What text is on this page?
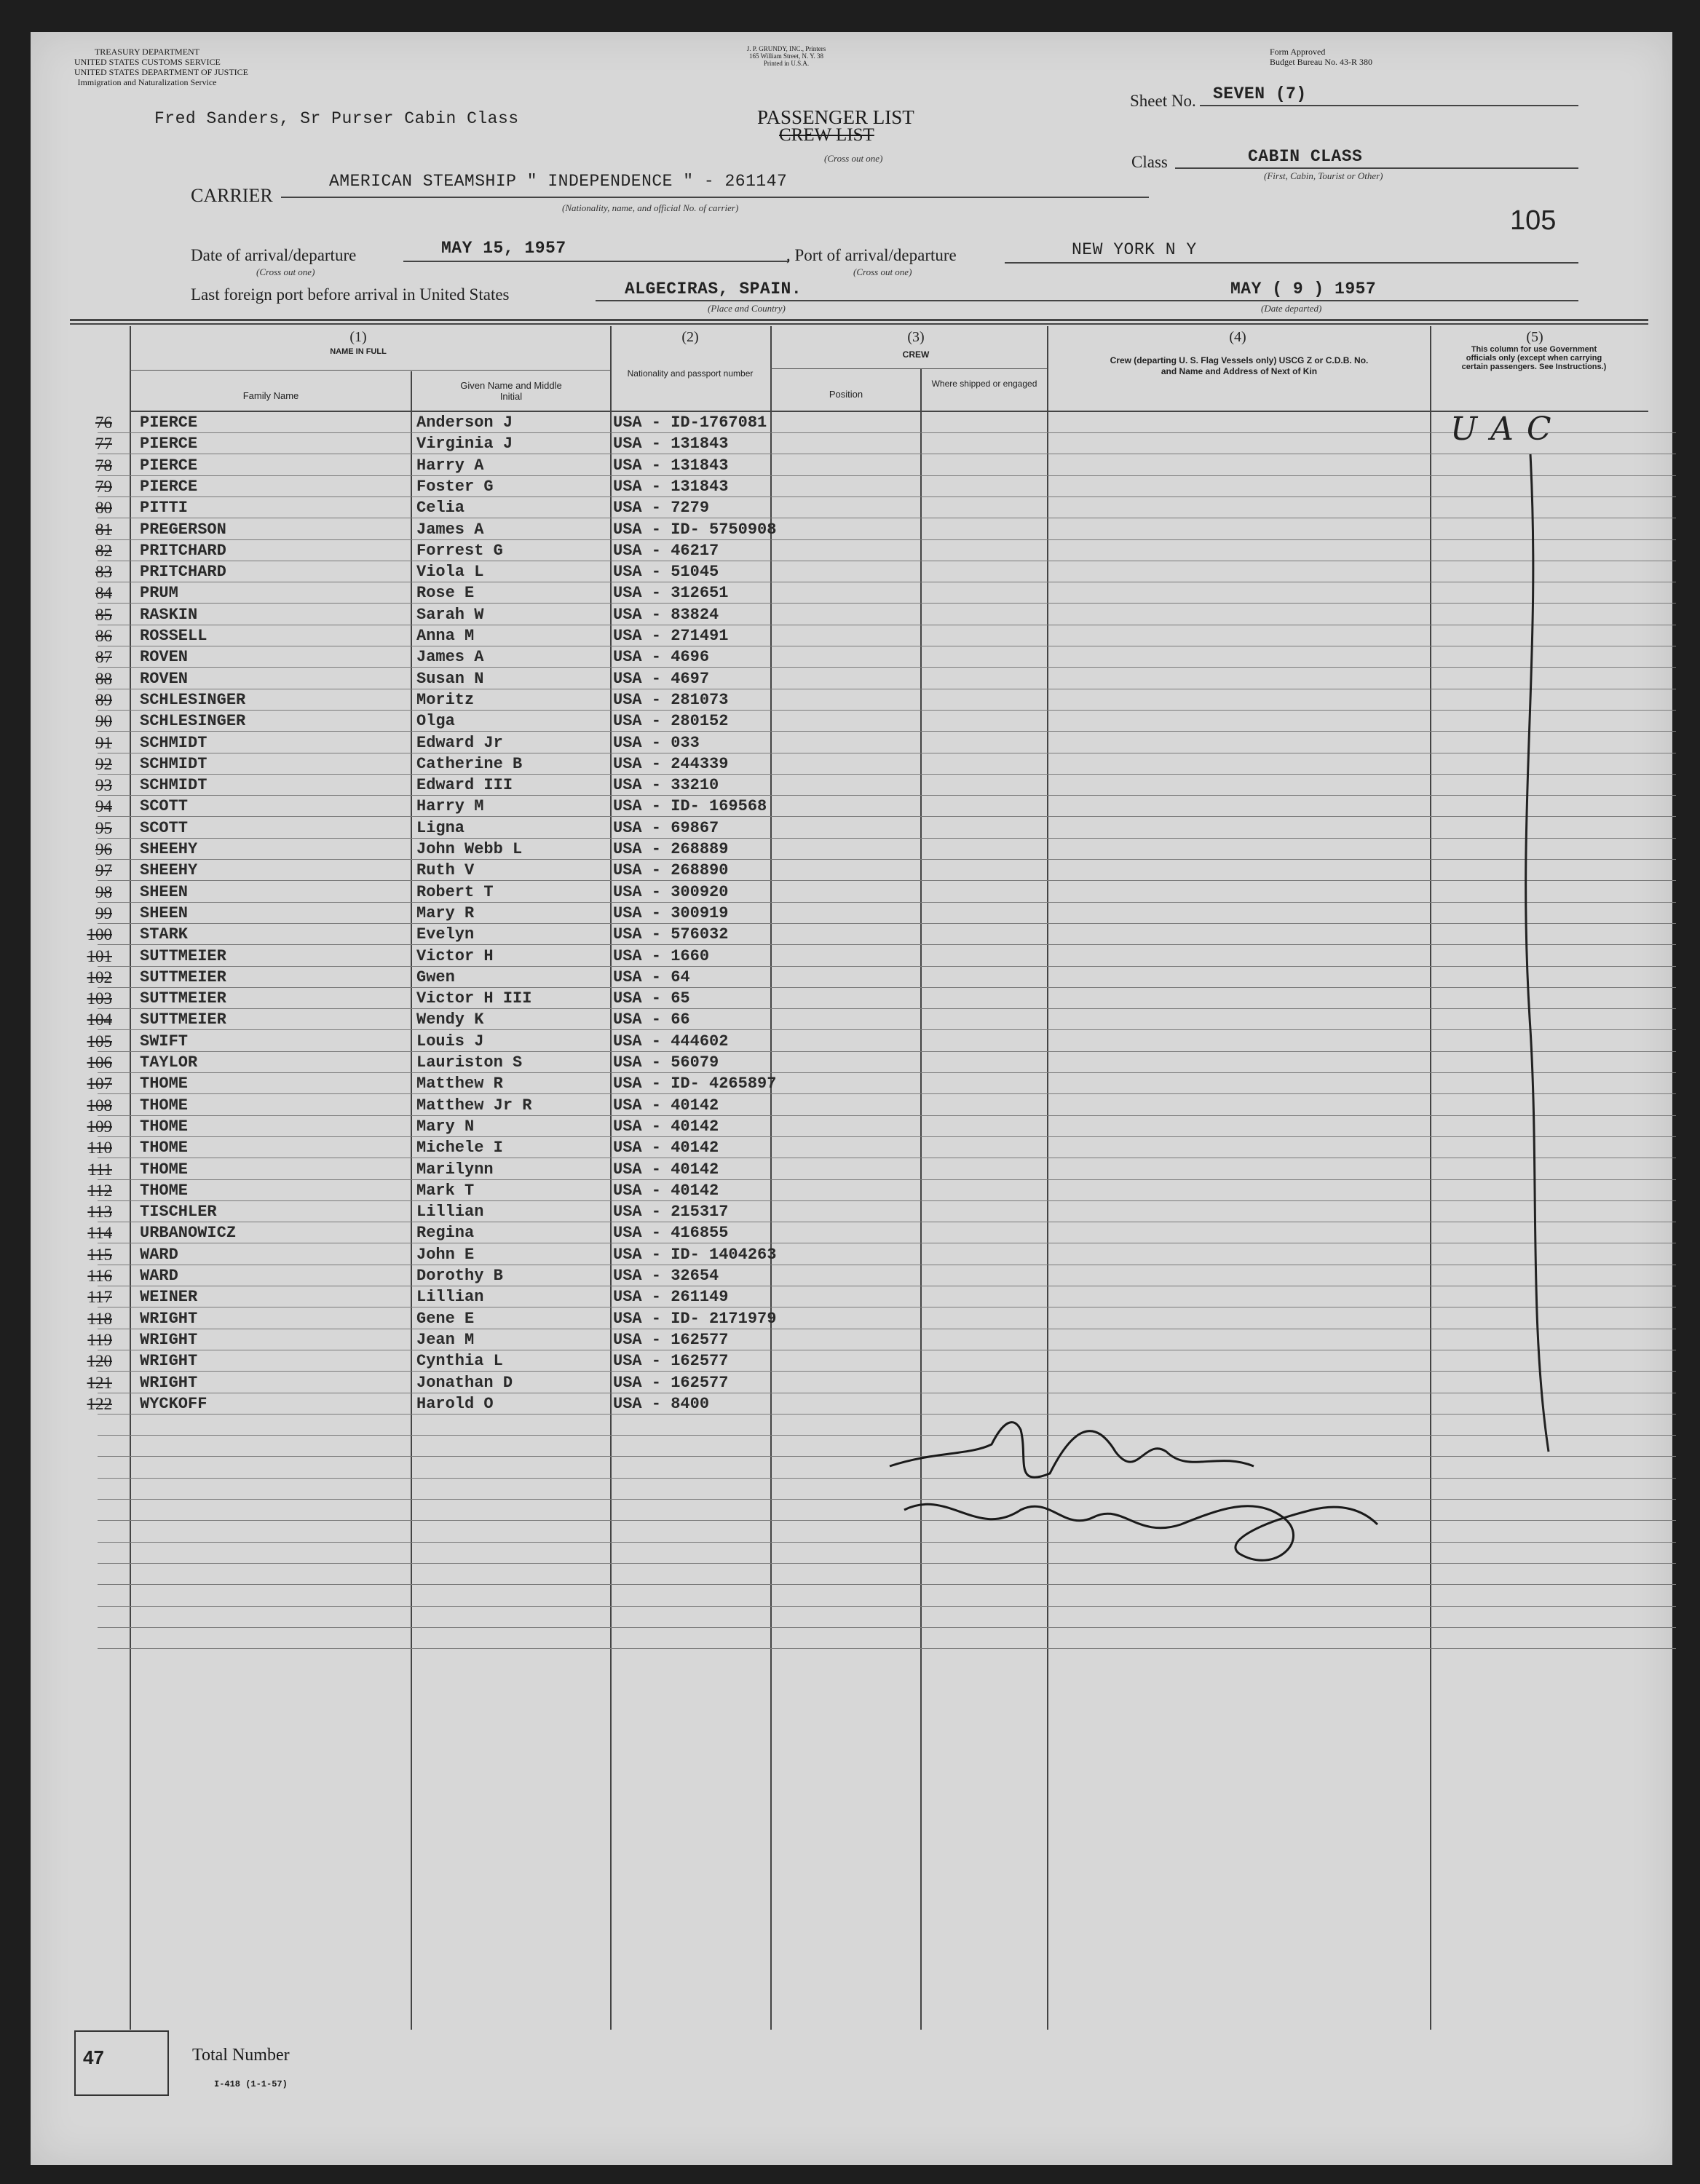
TREASURY DEPARTMENT
UNITED STATES CUSTOMS SERVICE
UNITED STATES DEPARTMENT OF JUSTICE
Immigration and Naturalization Service
J. P. GRUNDY, INC., Printers
165 William Street, N. Y. 38
Printed in U.S.A.
Form Approved
Budget Bureau No. 43-R 380
Fred Sanders, Sr Purser Cabin Class	PASSENGER LIST
CREW LIST
(Cross out one)
Sheet No. SEVEN (7)
Class	CABIN CLASS
(First, Cabin, Tourist or Other)
105
CARRIER
AMERICAN STEAMSHIP " INDEPENDENCE " - 261147
(Nationality, name, and official No. of carrier)
Date of arrival/departure
(Cross out one)
MAY 15, 1957	, Port of arrival/departure
(Cross out one)
NEW YORK N Y
Last foreign port before arrival in United States	ALGECIRAS, SPAIN.
(Place and Country)
MAY ( 9 ) 1957
(Date departed)
(1)
NAME IN FULL
Family Name
Given Name and Middle Initial
(2)
Nationality and passport number
(3)
CREW
Position
Where shipped or engaged
(4)
Crew (departing U. S. Flag Vessels only) USCG Z or C.D.B. No. and Name and Address of Next of Kin
(5)
This column for use Government officials only (except when carrying certain passengers. See Instructions.)
76 PIERCE	Anderson J	USA - ID-1767081
77 PIERCE	Virginia J	USA - 131843
78 PIERCE	Harry A	USA - 131843
79 PIERCE	Foster G	USA - 131843
80 PITTI	Celia	USA - 7279
81 PREGERSON	James A	USA - ID- 5750908
82 PRITCHARD	Forrest G	USA - 46217
83 PRITCHARD	Viola L	USA - 51045
84 PRUM	Rose E	USA - 312651
85 RASKIN	Sarah W	USA - 83824
86 ROSSELL	Anna M	USA - 271491
87 ROVEN	James A	USA - 4696
88 ROVEN	Susan N	USA - 4697
89 SCHLESINGER	Moritz	USA - 281073
90 SCHLESINGER	Olga	USA - 280152
91 SCHMIDT	Edward Jr	USA - 033
92 SCHMIDT	Catherine B	USA - 244339
93 SCHMIDT	Edward III	USA - 33210
94 SCOTT	Harry M	USA - ID- 169568
95 SCOTT	Ligna	USA - 69867
96 SHEEHY	John Webb L	USA - 268889
97 SHEEHY	Ruth V	USA - 268890
98 SHEEN	Robert T	USA - 300920
99 SHEEN	Mary R	USA - 300919
100 STARK	Evelyn	USA - 576032
101 SUTTMEIER	Victor H	USA - 1660
102 SUTTMEIER	Gwen	USA - 64
103 SUTTMEIER	Victor H III	USA - 65
104 SUTTMEIER	Wendy K	USA - 66
105 SWIFT	Louis J	USA - 444602
106 TAYLOR	Lauriston S	USA - 56079
107 THOME	Matthew R	USA - ID- 4265897
108 THOME	Matthew Jr R	USA - 40142
109 THOME	Mary N	USA - 40142
110 THOME	Michele I	USA - 40142
111 THOME	Marilynn	USA - 40142
112 THOME	Mark T	USA - 40142
113 TISCHLER	Lillian	USA - 215317
114 URBANOWICZ	Regina	USA - 416855
115 WARD	John E	USA - ID- 1404263
116 WARD	Dorothy B	USA - 32654
117 WEINER	Lillian	USA - 261149
118 WRIGHT	Gene E	USA - ID- 2171979
119 WRIGHT	Jean M	USA - 162577
120 WRIGHT	Cynthia L	USA - 162577
121 WRIGHT	Jonathan D	USA - 162577
122 WYCKOFF	Harold O	USA - 8400
U A C
47	Total Number
I-418 (1-1-57)
